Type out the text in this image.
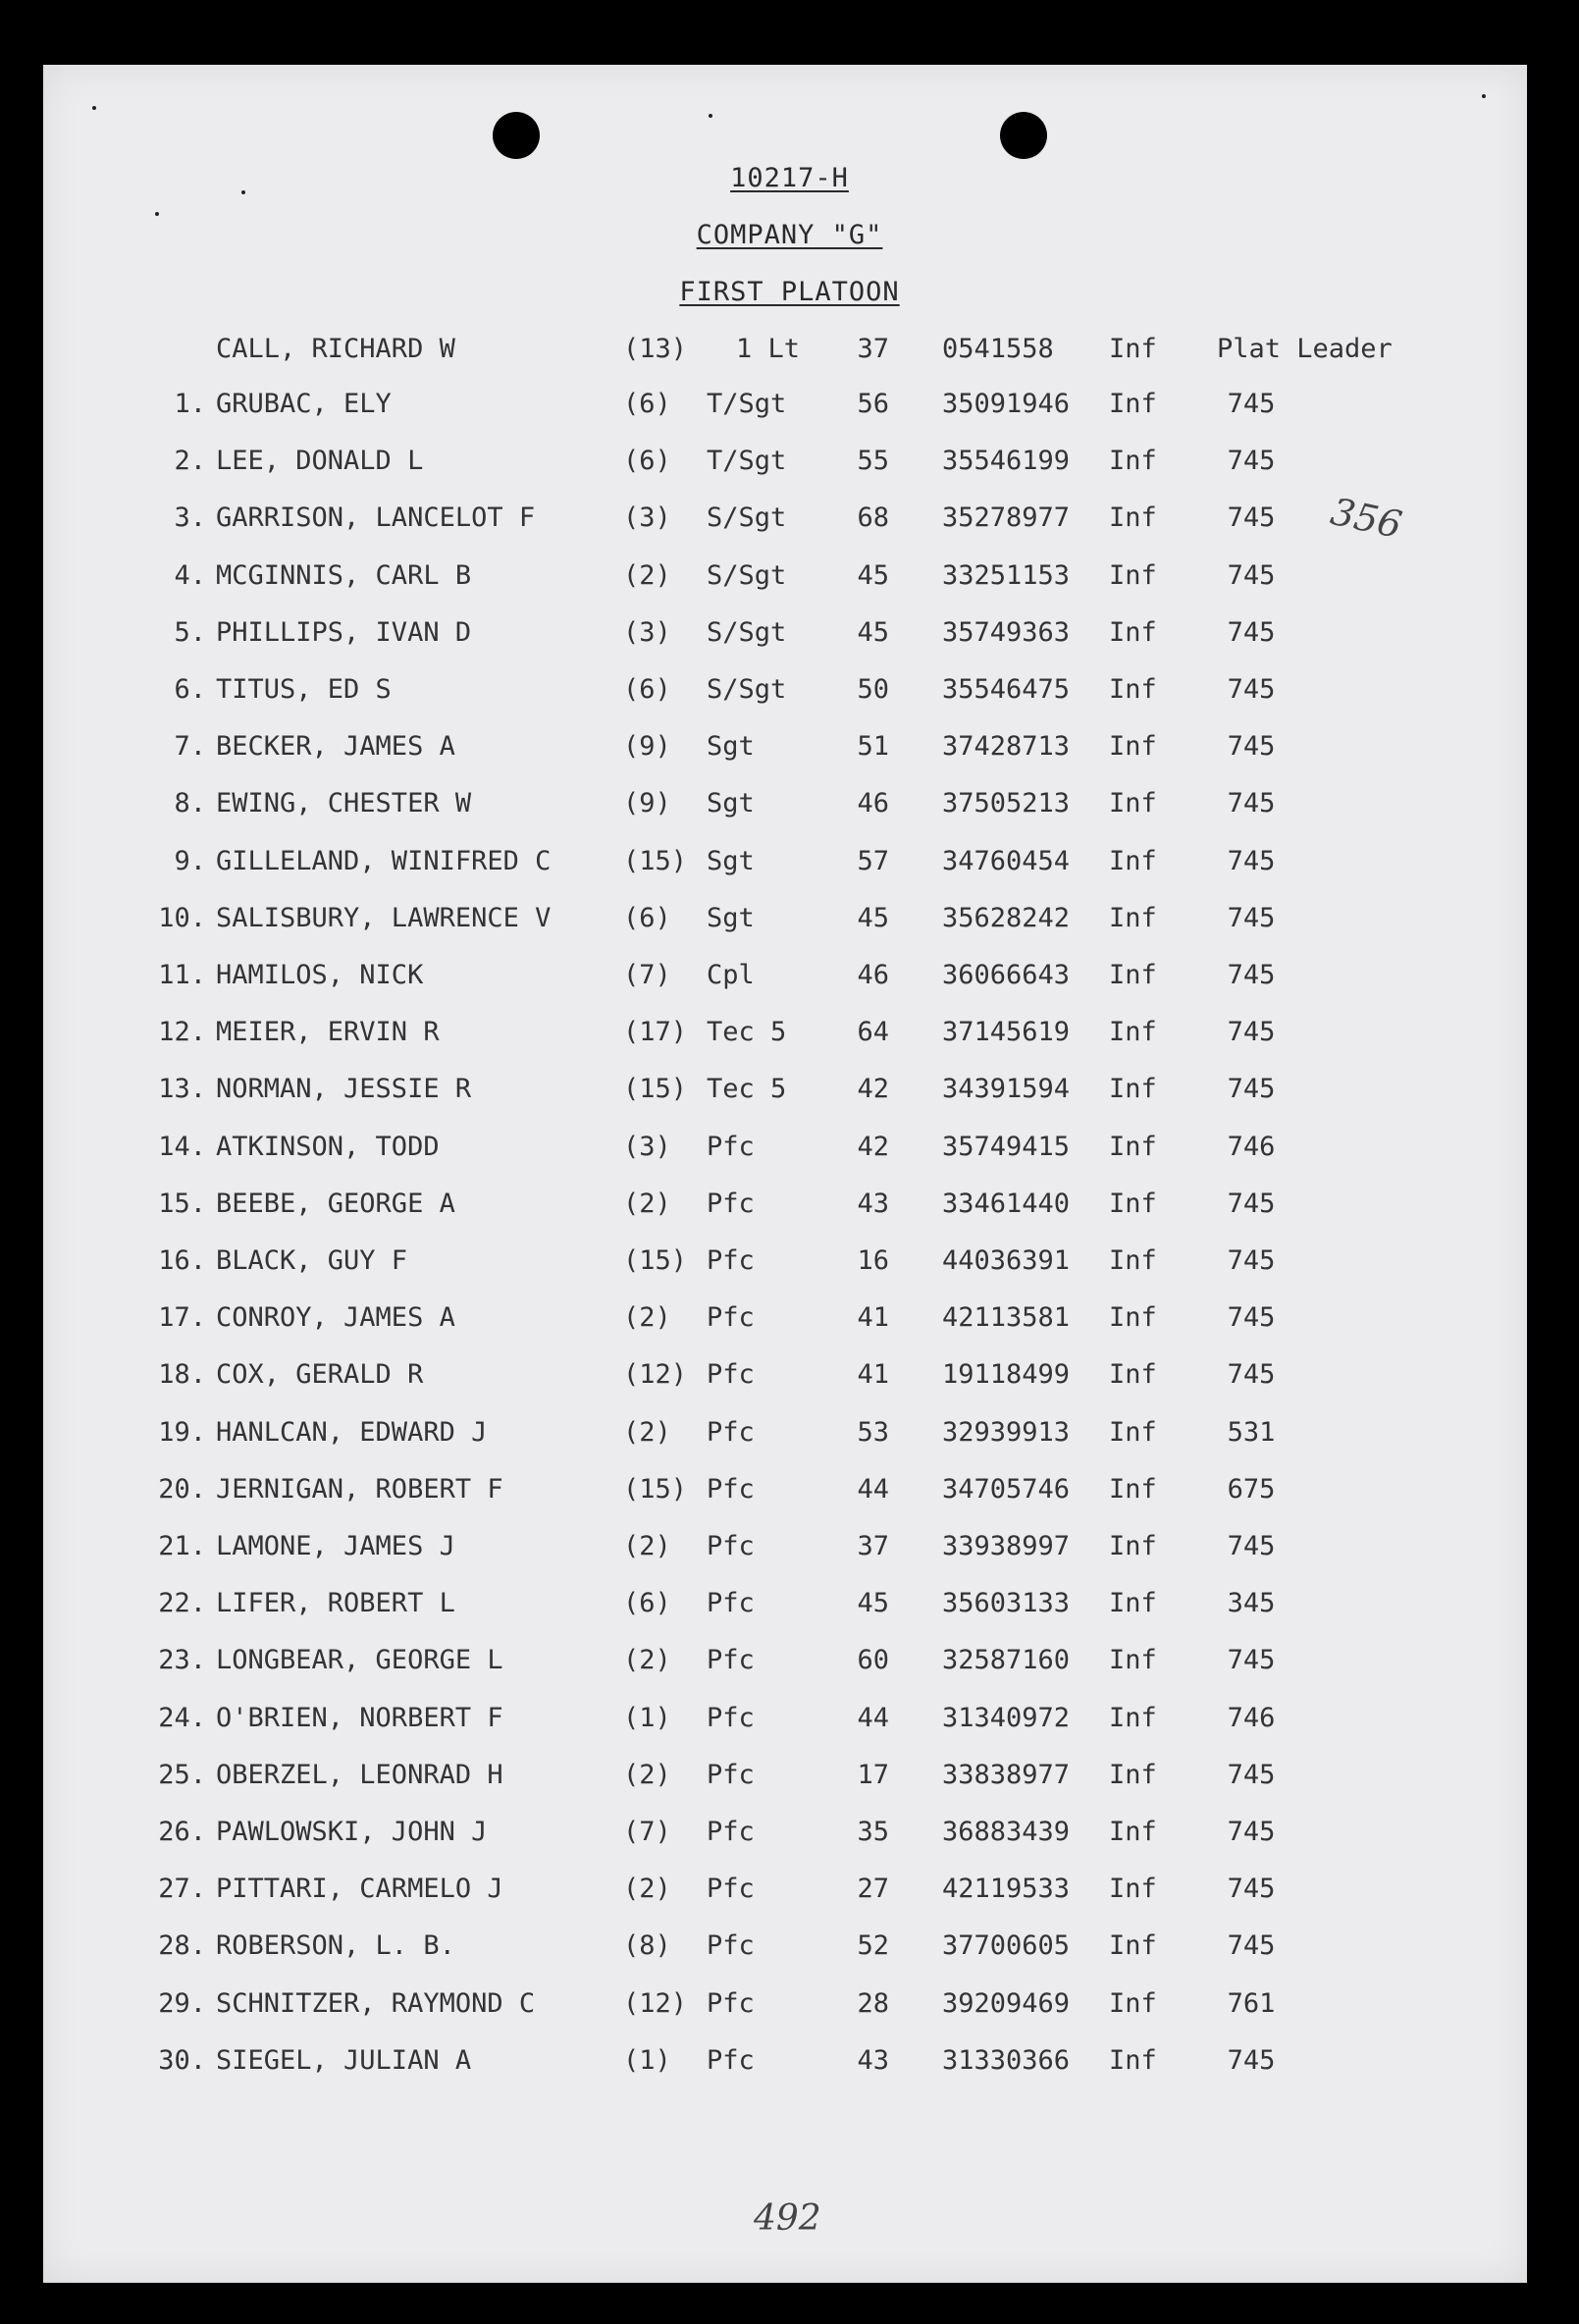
10217-H
COMPANY "G"
FIRST PLATOON
CALL, RICHARD W	(13) 1 Lt	37 0541558 Inf Plat Leader
1. GRUBAC, ELY	(6) T/Sgt	56 35091946 Inf	745
2. LEE, DONALD L	(6) T/Sgt	55 35546199 Inf	745
3. GARRISON, LANCELOT F	(3) S/Sgt	68 35278977 Inf	745
4. MCGINNIS, CARL B	(2) S/Sgt	45 33251153 Inf	745
5. PHILLIPS, IVAN D	(3) S/Sgt	45 35749363 Inf	745
6. TITUS, ED S	(6) S/Sgt	50 35546475 Inf	745
7. BECKER, JAMES A	(9) Sgt	51 37428713 Inf	745
8. EWING, CHESTER W	(9) Sgt	46 37505213 Inf	745
9. GILLELAND, WINIFRED C	(15) Sgt	57 34760454 Inf	745
10. SALISBURY, LAWRENCE V	(6) Sgt	45 35628242 Inf	745
11. HAMILOS, NICK	(7) Cpl	46 36066643 Inf	745
12. MEIER, ERVIN R	(17) Tec 5	64 37145619 Inf	745
13. NORMAN, JESSIE R	(15) Tec 5	42 34391594 Inf	745
14. ATKINSON, TODD	(3) Pfc	42 35749415 Inf	746
15. BEEBE, GEORGE A	(2) Pfc	43 33461440 Inf	745
16. BLACK, GUY F	(15) Pfc	16 44036391 Inf	745
17. CONROY, JAMES A	(2) Pfc	41 42113581 Inf	745
18. COX, GERALD R	(12) Pfc	41 19118499 Inf	745
19. HANLCAN, EDWARD J	(2) Pfc	53 32939913 Inf	531
20. JERNIGAN, ROBERT F	(15) Pfc	44 34705746 Inf	675
21. LAMONE, JAMES J	(2) Pfc	37 33938997 Inf	745
22. LIFER, ROBERT L	(6) Pfc	45 35603133 Inf	345
23. LONGBEAR, GEORGE L	(2) Pfc	60 32587160 Inf	745
24. O'BRIEN, NORBERT F	(1) Pfc	44 31340972 Inf	746
25. OBERZEL, LEONRAD H	(2) Pfc	17 33838977 Inf	745
26. PAWLOWSKI, JOHN J	(7) Pfc	35 36883439 Inf	745
27. PITTARI, CARMELO J	(2) Pfc	27 42119533 Inf	745
28. ROBERSON, L. B.	(8) Pfc	52 37700605 Inf	745
29. SCHNITZER, RAYMOND C	(12) Pfc	28 39209469 Inf	761
30. SIEGEL, JULIAN A	(1) Pfc	43 31330366 Inf	745
356
492
